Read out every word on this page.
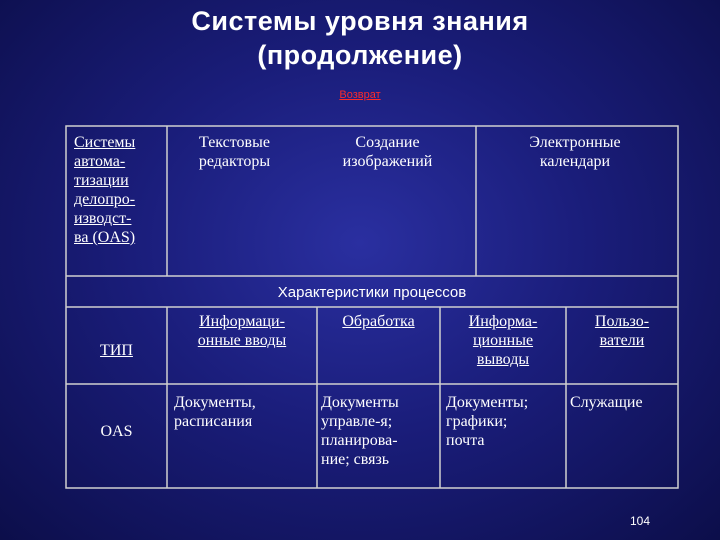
Системы уровня знания
(продолжение)
Возврат
Системы
автома-
тизации
делопро-
изводст-
ва (OAS)
Текстовые
редакторы
Создание
изображений
Электронные
календари
Характеристики процессов
ТИП
Информаци-
онные вводы
Обработка	Информа-
ционные
выводы
Пользо-
ватели
OAS
Документы,
расписания
Документы
управле-я;
планирова-
ние; связь
Документы;
графики;
почта
Служащие
104
